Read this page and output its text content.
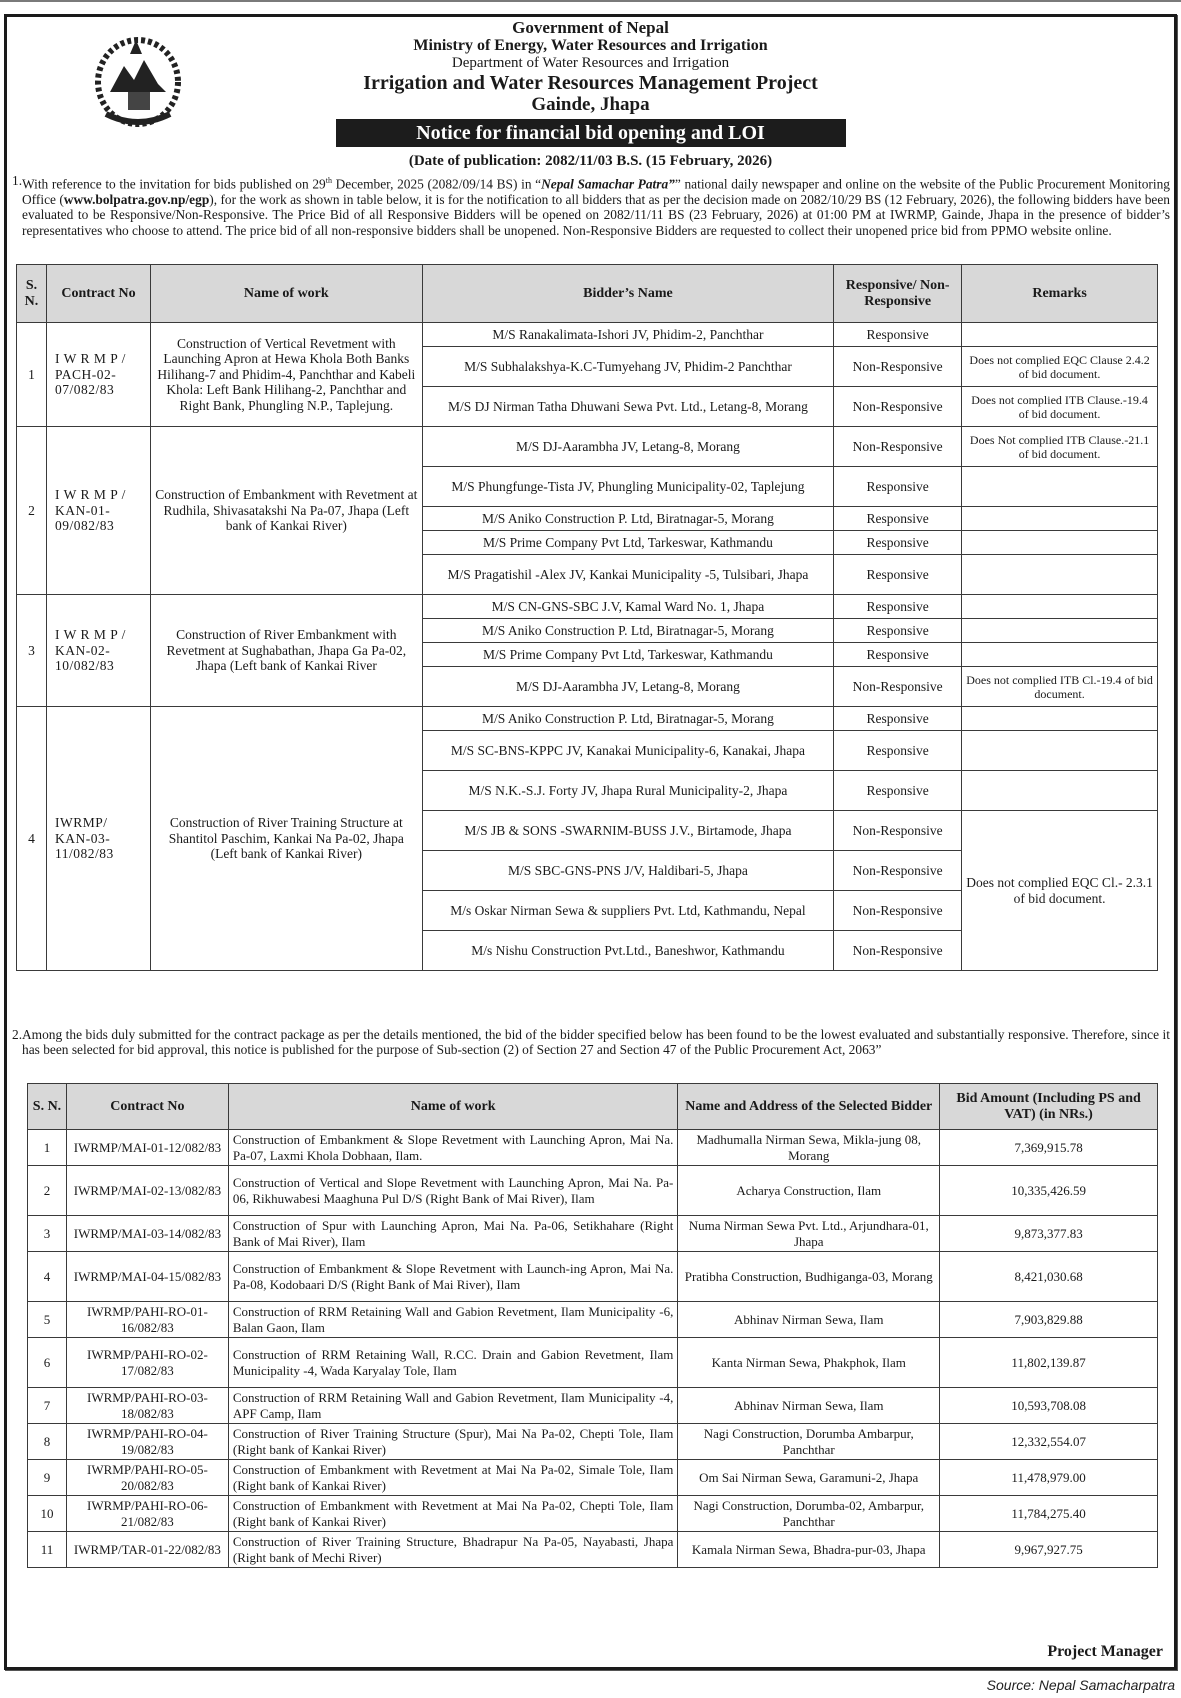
Government of Nepal
Ministry of Energy, Water Resources and Irrigation
Department of Water Resources and Irrigation
Irrigation and Water Resources Management Project
Gainde, Jhapa
Notice for financial bid opening and LOI
(Date of publication: 2082/11/03 B.S. (15 February, 2026)
1. With reference to the invitation for bids published on 29th December, 2025 (2082/09/14 BS) in “Nepal Samachar Patra”” national daily newspaper and online on the website of the Public Procurement Monitoring Office (www.bolpatra.gov.np/egp), for the work as shown in table below, it is for the notification to all bidders that as per the decision made on 2082/10/29 BS (12 February, 2026), the following bidders have been evaluated to be Responsive/Non-Responsive. The Price Bid of all Responsive Bidders will be opened on 2082/11/11 BS (23 February, 2026) at 01:00 PM at IWRMP, Gainde, Jhapa in the presence of bidder’s representatives who choose to attend. The price bid of all non-responsive bidders shall be unopened. Non-Responsive Bidders are requested to collect their unopened price bid from PPMO website online.
S. N.	Contract No	Name of work	Bidder’s Name	Responsive/ Non-Responsive	Remarks
1	I W R M P / PACH-02-07/082/83	Construction of Vertical Revetment with Launching Apron at Hewa Khola Both Banks Hilihang-7 and Phidim-4, Panchthar and Kabeli Khola: Left Bank Hilihang-2, Panchthar and Right Bank, Phungling N.P., Taplejung.	M/S Ranakalimata-Ishori JV, Phidim-2, Panchthar	Responsive	
			M/S Subhalakshya-K.C-Tumyehang JV, Phidim-2 Panchthar	Non-Responsive	Does not complied EQC Clause 2.4.2 of bid document.
			M/S DJ Nirman Tatha Dhuwani Sewa Pvt. Ltd., Letang-8, Morang	Non-Responsive	Does not complied ITB Clause.-19.4 of bid document.
2	I W R M P / KAN-01-09/082/83	Construction of Embankment with Revetment at Rudhila, Shivasatakshi Na Pa-07, Jhapa (Left bank of Kankai River)	M/S DJ-Aarambha JV, Letang-8, Morang	Non-Responsive	Does Not complied ITB Clause.-21.1 of bid document.
			M/S Phungfunge-Tista JV, Phungling Municipality-02, Taplejung	Responsive	
			M/S Aniko Construction P. Ltd, Biratnagar-5, Morang	Responsive	
			M/S Prime Company Pvt Ltd, Tarkeswar, Kathmandu	Responsive	
			M/S Pragatishil -Alex JV, Kankai Municipality -5, Tulsibari, Jhapa	Responsive	
3	I W R M P / KAN-02-10/082/83	Construction of River Embankment with Revetment at Sughabathan, Jhapa Ga Pa-02, Jhapa (Left bank of Kankai River	M/S CN-GNS-SBC J.V, Kamal Ward No. 1, Jhapa	Responsive	
			M/S Aniko Construction P. Ltd, Biratnagar-5, Morang	Responsive	
			M/S Prime Company Pvt Ltd, Tarkeswar, Kathmandu	Responsive	
			M/S DJ-Aarambha JV, Letang-8, Morang	Non-Responsive	Does not complied ITB Cl.-19.4 of bid document.
4	IWRMP/ KAN-03-11/082/83	Construction of River Training Structure at Shantitol Paschim, Kankai Na Pa-02, Jhapa (Left bank of Kankai River)	M/S Aniko Construction P. Ltd, Biratnagar-5, Morang	Responsive	
			M/S SC-BNS-KPPC JV, Kanakai Municipality-6, Kanakai, Jhapa	Responsive	
			M/S N.K.-S.J. Forty JV, Jhapa Rural Municipality-2, Jhapa	Responsive	
			M/S JB & SONS -SWARNIM-BUSS J.V., Birtamode, Jhapa	Non-Responsive	Does not complied EQC Cl.- 2.3.1 of bid document.
			M/S SBC-GNS-PNS J/V, Haldibari-5, Jhapa	Non-Responsive	
			M/s Oskar Nirman Sewa & suppliers Pvt. Ltd, Kathmandu, Nepal	Non-Responsive	
			M/s Nishu Construction Pvt.Ltd., Baneshwor, Kathmandu	Non-Responsive	
2. Among the bids duly submitted for the contract package as per the details mentioned, the bid of the bidder specified below has been found to be the lowest evaluated and substantially responsive. Therefore, since it has been selected for bid approval, this notice is published for the purpose of Sub-section (2) of Section 27 and Section 47 of the Public Procurement Act, 2063”
S. N.	Contract No	Name of work	Name and Address of the Selected Bidder	Bid Amount (Including PS and VAT) (in NRs.)
1	IWRMP/MAI-01-12/082/83	Construction of Embankment & Slope Revetment with Launching Apron, Mai Na. Pa-07, Laxmi Khola Dobhaan, Ilam.	Madhumalla Nirman Sewa, Mikla-jung 08, Morang	7,369,915.78
2	IWRMP/MAI-02-13/082/83	Construction of Vertical and Slope Revetment with Launching Apron, Mai Na. Pa-06, Rikhuwabesi Maaghuna Pul D/S (Right Bank of Mai River), Ilam	Acharya Construction, Ilam	10,335,426.59
3	IWRMP/MAI-03-14/082/83	Construction of Spur with Launching Apron, Mai Na. Pa-06, Setikhahare (Right Bank of Mai River), Ilam	Numa Nirman Sewa Pvt. Ltd., Arjundhara-01, Jhapa	9,873,377.83
4	IWRMP/MAI-04-15/082/83	Construction of Embankment & Slope Revetment with Launch-ing Apron, Mai Na. Pa-08, Kodobaari D/S (Right Bank of Mai River), Ilam	Pratibha Construction, Budhiganga-03, Morang	8,421,030.68
5	IWRMP/PAHI-RO-01-16/082/83	Construction of RRM Retaining Wall and Gabion Revetment, Ilam Municipality -6, Balan Gaon, Ilam	Abhinav Nirman Sewa, Ilam	7,903,829.88
6	IWRMP/PAHI-RO-02-17/082/83	Construction of RRM Retaining Wall, R.CC. Drain and Gabion Revetment, Ilam Municipality -4, Wada Karyalay Tole, Ilam	Kanta Nirman Sewa, Phakphok, Ilam	11,802,139.87
7	IWRMP/PAHI-RO-03-18/082/83	Construction of RRM Retaining Wall and Gabion Revetment, Ilam Municipality -4, APF Camp, Ilam	Abhinav Nirman Sewa, Ilam	10,593,708.08
8	IWRMP/PAHI-RO-04-19/082/83	Construction of River Training Structure (Spur), Mai Na Pa-02, Chepti Tole, Ilam (Right bank of Kankai River)	Nagi Construction, Dorumba Ambarpur, Panchthar	12,332,554.07
9	IWRMP/PAHI-RO-05-20/082/83	Construction of Embankment with Revetment at Mai Na Pa-02, Simale Tole, Ilam (Right bank of Kankai River)	Om Sai Nirman Sewa, Garamuni-2, Jhapa	11,478,979.00
10	IWRMP/PAHI-RO-06-21/082/83	Construction of Embankment with Revetment at Mai Na Pa-02, Chepti Tole, Ilam (Right bank of Kankai River)	Nagi Construction, Dorumba-02, Ambarpur, Panchthar	11,784,275.40
11	IWRMP/TAR-01-22/082/83	Construction of River Training Structure, Bhadrapur Na Pa-05, Nayabasti, Jhapa (Right bank of Mechi River)	Kamala Nirman Sewa, Bhadra-pur-03, Jhapa	9,967,927.75
Project Manager
Source: Nepal Samacharpatra
